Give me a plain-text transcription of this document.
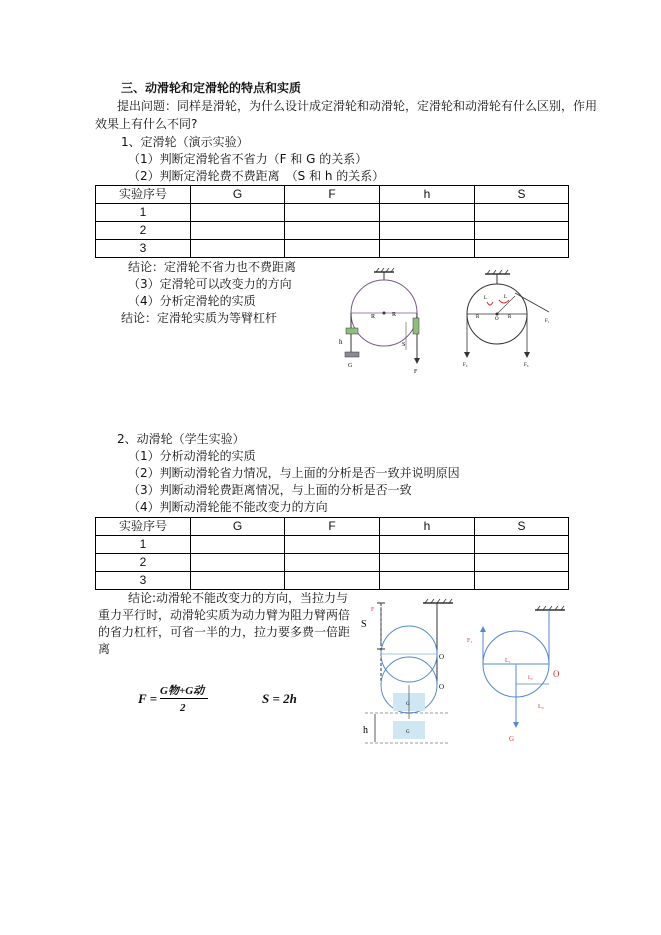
三、动滑轮和定滑轮的特点和实质
提出问题：同样是滑轮，为什么设计成定滑轮和动滑轮，定滑轮和动滑轮有什么区别，作用
效果上有什么不同?
1、定滑轮（演示实验）
（1）判断定滑轮省不省力（F 和 G 的关系）
（2）判断定滑轮费不费距离　（S 和 h 的关系）
实验序号	G	F	h	S
1				
2				
3				
结论：定滑轮不省力也不费距离
（3）定滑轮可以改变力的方向
（4）分析定滑轮的实质
结论：定滑轮实质为等臂杠杆	R	R
h	S
G
F
R	O R
L	L
F₁
F₂	F₃
2、动滑轮（学生实验）
（1）分析动滑轮的实质
（2）判断动滑轮省力情况，与上面的分析是否一致并说明原因
（3）判断动滑轮费距离情况，与上面的分析是否一致
（4）判断动滑轮能不能改变力的方向
实验序号	G	F	h	S
1				
2				
3				
结论:动滑轮不能改变力的方向，当拉力与
重力平行时，动滑轮实质为动力臂为阻力臂两倍
的省力杠杆，可省一半的力，拉力要多费一倍距
离
F = G物+G动
2
S = 2h
F
S
O
O
G
G
h
F₁
L₁
L₂ O
L₂
G
